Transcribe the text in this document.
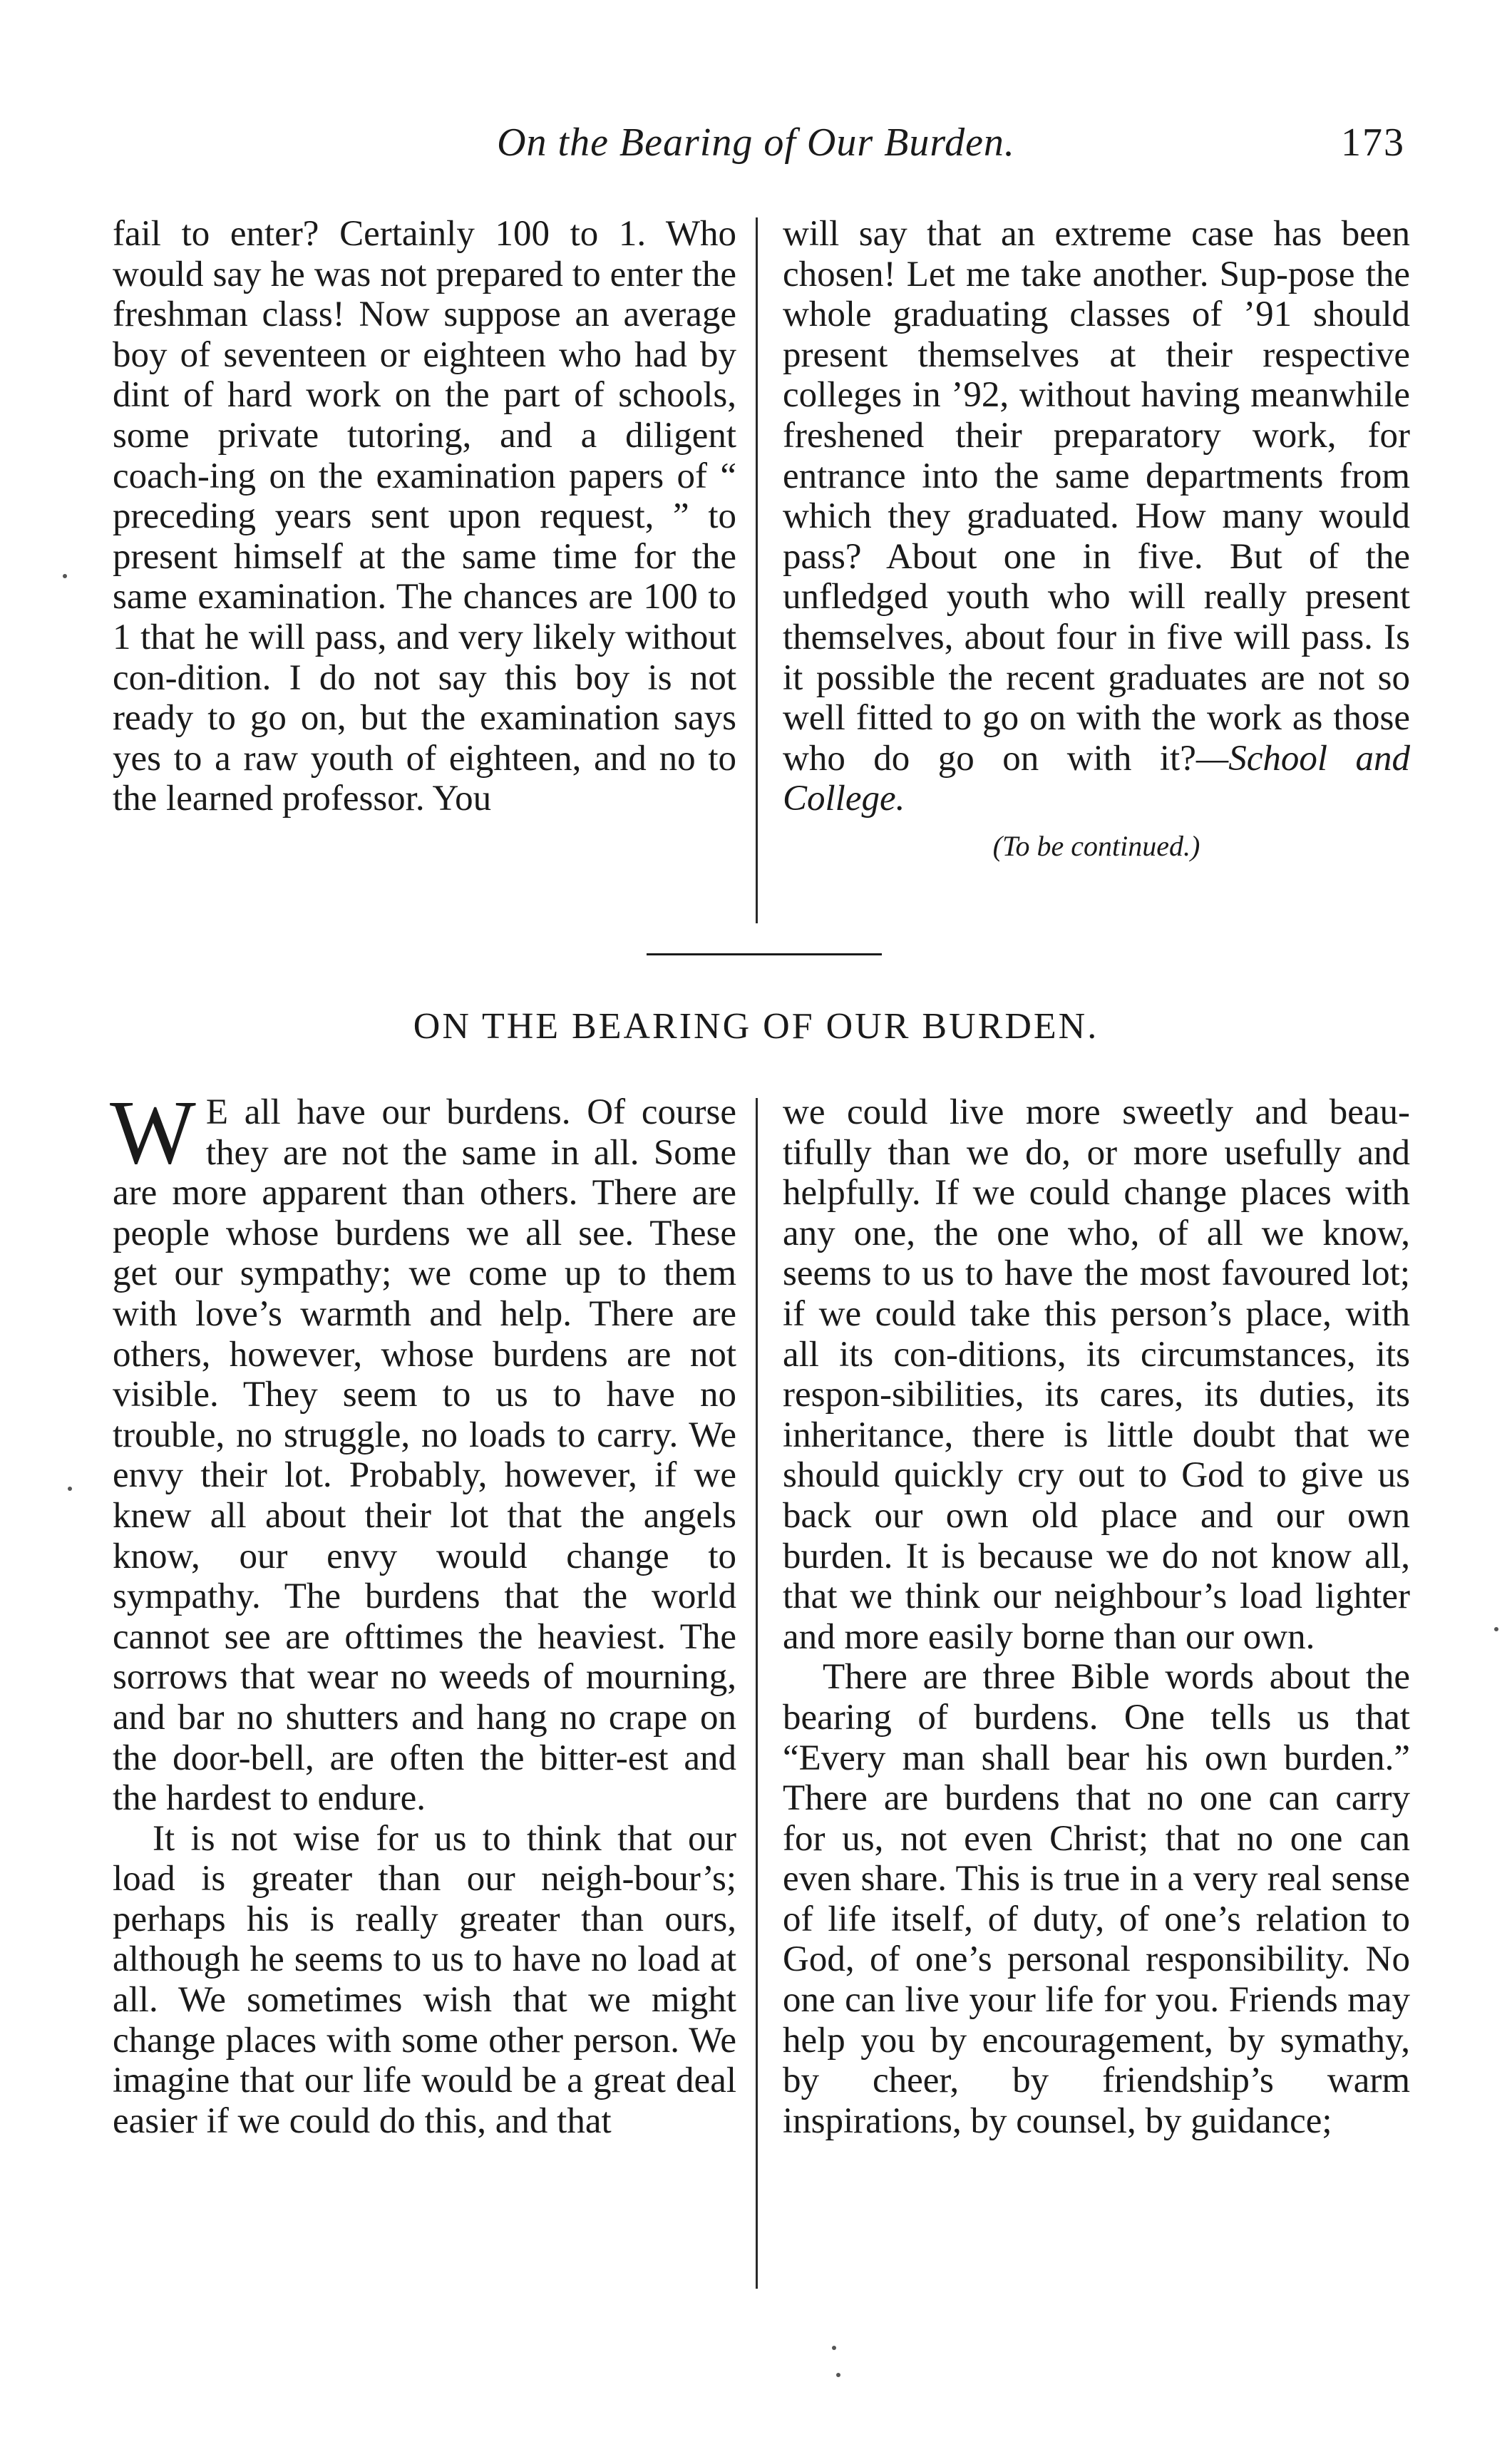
On the Bearing of Our Burden.	173

fail to enter? Certainly 100 to 1. Who would say he was not prepared to enter the freshman class! Now suppose an average boy of seventeen or eighteen who had by dint of hard work on the part of schools, some private tutoring, and a diligent coach-ing on the examination papers of “ preceding years sent upon request, ” to present himself at the same time for the same examination. The chances are 100 to 1 that he will pass, and very likely without con-dition. I do not say this boy is not ready to go on, but the examination says yes to a raw youth of eighteen, and no to the learned professor. You

will say that an extreme case has been chosen! Let me take another. Sup-pose the whole graduating classes of ’91 should present themselves at their respective colleges in ’92, without having meanwhile freshened their preparatory work, for entrance into the same departments from which they graduated. How many would pass? About one in five. But of the unfledged youth who will really present themselves, about four in five will pass. Is it possible the recent graduates are not so well fitted to go on with the work as those who do go on with it?—School and College.

(To be continued.)
ON THE BEARING OF OUR BURDEN.

W E all have our burdens. Of course they are not the same in all. Some are more apparent than others. There are people whose burdens we all see. These get our sympathy; we come up to them with love’s warmth and help. There are others, however, whose burdens are not visible. They seem to us to have no trouble, no struggle, no loads to carry. We envy their lot. Probably, however, if we knew all about their lot that the angels know, our envy would change to sympathy. The burdens that the world cannot see are ofttimes the heaviest. The sorrows that wear no weeds of mourning, and bar no shutters and hang no crape on the door-bell, are often the bitter-est and the hardest to endure.

It is not wise for us to think that our load is greater than our neigh-bour’s; perhaps his is really greater than ours, although he seems to us to have no load at all. We sometimes wish that we might change places with some other person. We imagine that our life would be a great deal easier if we could do this, and that

we could live more sweetly and beau-tifully than we do, or more usefully and helpfully. If we could change places with any one, the one who, of all we know, seems to us to have the most favoured lot; if we could take this person’s place, with all its con-ditions, its circumstances, its respon-sibilities, its cares, its duties, its inheritance, there is little doubt that we should quickly cry out to God to give us back our own old place and our own burden. It is because we do not know all, that we think our neighbour’s load lighter and more easily borne than our own.

There are three Bible words about the bearing of burdens. One tells us that “Every man shall bear his own burden.” There are burdens that no one can carry for us, not even Christ; that no one can even share. This is true in a very real sense of life itself, of duty, of one’s relation to God, of one’s personal responsibility. No one can live your life for you. Friends may help you by encouragement, by symathy, by cheer, by friendship’s warm inspirations, by counsel, by guidance;
